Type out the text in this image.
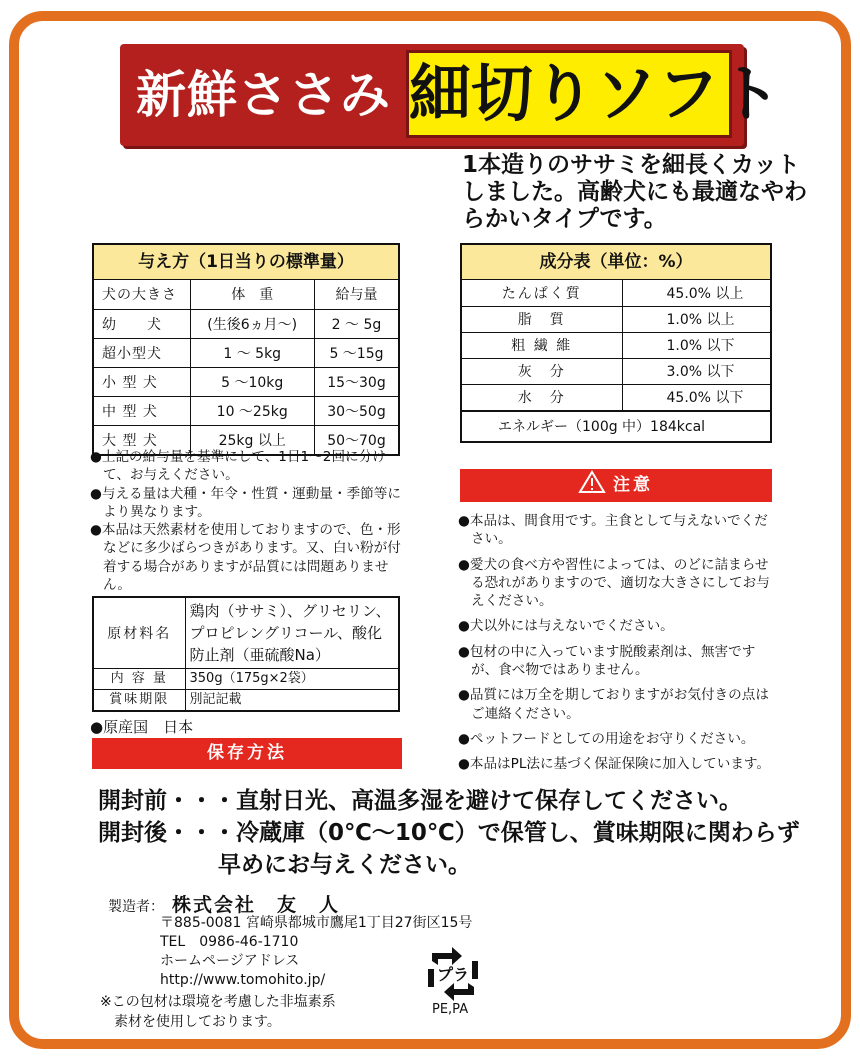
新鮮ささみ 細切りソフト
1本造りのササミを細長くカット
しました。高齢犬にも最適なやわ
らかいタイプです。
与え方（1日当りの標準量）
犬の大きさ	体　重	給与量
幼　　犬	(生後6ヵ月〜)	2 〜 5g
超小型犬	1 〜 5kg	5 〜15g
小 型 犬	5 〜10kg	15〜30g
中 型 犬	10 〜25kg	30〜50g
大 型 犬	25kg 以上	50〜70g
●上記の給与量を基準にして、1日1〜2回に分けて、お与えください。
●与える量は犬種・年令・性質・運動量・季節等により異なります。
●本品は天然素材を使用しておりますので、色・形などに多少ばらつきがあります。又、白い粉が付着する場合がありますが品質には問題ありません。
原材料名	鶏肉（ササミ）、グリセリン、プロピレングリコール、酸化防止剤（亜硫酸Na）
内 容 量	350g（175g×2袋）
賞味期限	別記記載
●原産国　日本
保存方法
成分表（単位：%）
たんぱく質	45.0% 以上
脂　質	1.0% 以上
粗 繊 維	1.0% 以下
灰　分	3.0% 以下
水　分	45.0% 以下
エネルギー（100g 中）184kcal
注意
●本品は、間食用です。主食として与えないでください。
●愛犬の食べ方や習性によっては、のどに詰まらせる恐れがありますので、適切な大きさにしてお与えください。
●犬以外には与えないでください。
●包材の中に入っています脱酸素剤は、無害ですが、食べ物ではありません。
●品質には万全を期しておりますがお気付きの点はご連絡ください。
●ペットフードとしての用途をお守りください。
●本品はPL法に基づく保証保険に加入しています。
開封前・・・直射日光、高温多湿を避けて保存してください。
開封後・・・冷蔵庫（0℃〜10℃）で保管し、賞味期限に関わらず
早めにお与えください。
製造者： 株式会社　友　人
〒885-0081 宮崎県都城市鷹尾1丁目27街区15号
TEL　0986-46-1710
ホームページアドレス
http://www.tomohito.jp/	プラ
PE,PA
※この包材は環境を考慮した非塩素系
　素材を使用しております。
